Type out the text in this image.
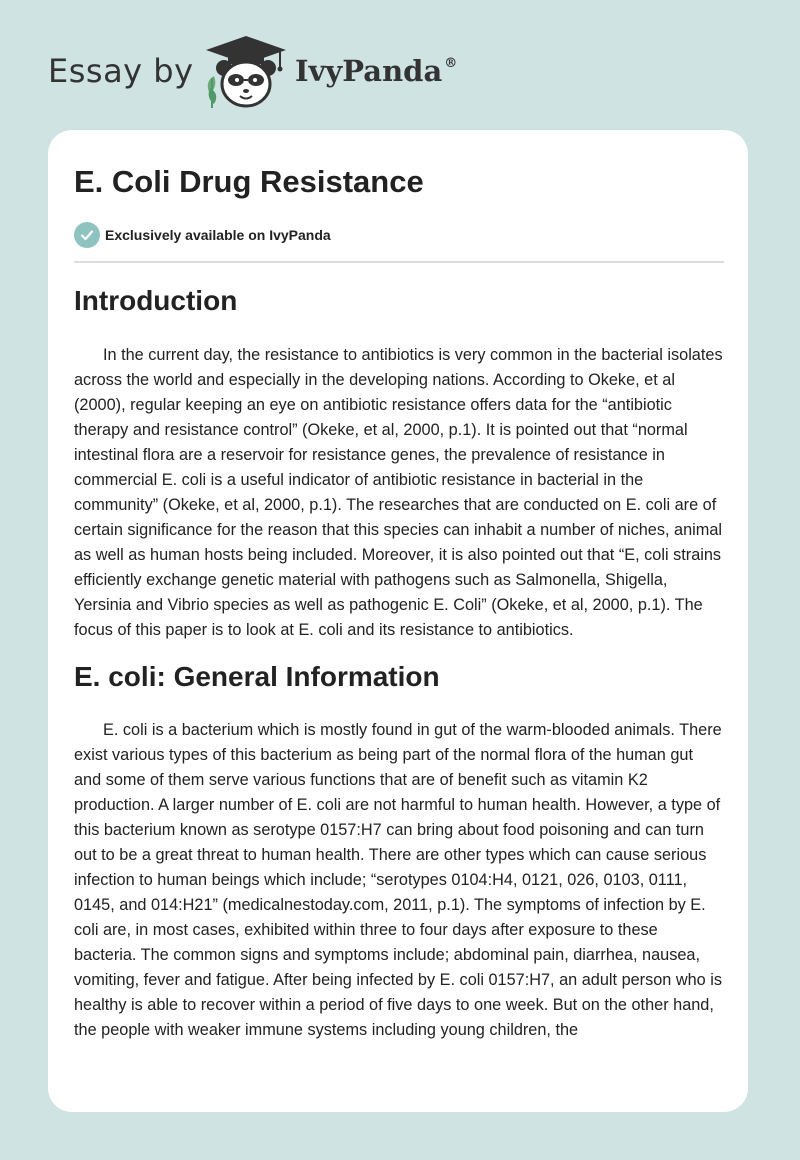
Essay by	IvyPanda ®
E. Coli Drug Resistance
Exclusively available on IvyPanda
Introduction

In the current day, the resistance to antibiotics is very common in the bacterial isolates across the world and especially in the developing nations. According to Okeke, et al (2000), regular keeping an eye on antibiotic resistance offers data for the “antibiotic therapy and resistance control” (Okeke, et al, 2000, p.1). It is pointed out that “normal intestinal flora are a reservoir for resistance genes, the prevalence of resistance in commercial E. coli is a useful indicator of antibiotic resistance in bacterial in the community” (Okeke, et al, 2000, p.1). The researches that are conducted on E. coli are of certain significance for the reason that this species can inhabit a number of niches, animal as well as human hosts being included. Moreover, it is also pointed out that “E, coli strains efficiently exchange genetic material with pathogens such as Salmonella, Shigella, Yersinia and Vibrio species as well as pathogenic E. Coli” (Okeke, et al, 2000, p.1). The focus of this paper is to look at E. coli and its resistance to antibiotics.

E. coli: General Information

E. coli is a bacterium which is mostly found in gut of the warm-blooded animals. There exist various types of this bacterium as being part of the normal flora of the human gut and some of them serve various functions that are of benefit such as vitamin K2 production. A larger number of E. coli are not harmful to human health. However, a type of this bacterium known as serotype 0157:H7 can bring about food poisoning and can turn out to be a great threat to human health. There are other types which can cause serious infection to human beings which include; “serotypes 0104:H4, 0121, 026, 0103, 0111, 0145, and 014:H21” (medicalnestoday.com, 2011, p.1). The symptoms of infection by E. coli are, in most cases, exhibited within three to four days after exposure to these bacteria. The common signs and symptoms include; abdominal pain, diarrhea, nausea, vomiting, fever and fatigue. After being infected by E. coli 0157:H7, an adult person who is healthy is able to recover within a period of five days to one week. But on the other hand, the people with weaker immune systems including young children, the
